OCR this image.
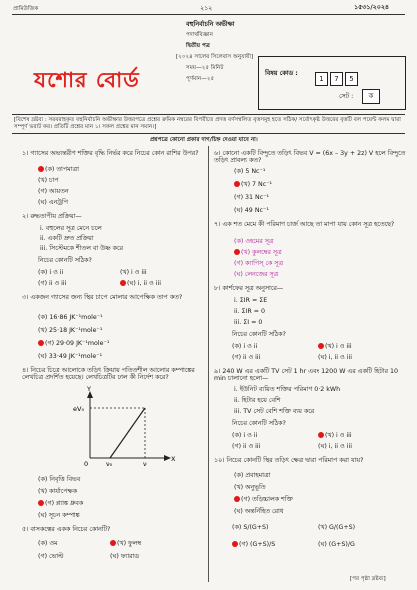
প্রামিউজিক	২১২	১৫৩১/২০২৪
বহুনির্বাচনি অভীক্ষা
পদার্থবিজ্ঞান
দ্বিতীয় পত্র
[২০২৪ সালের সিলেবাস অনুযায়ী]
সময়—২৫ মিনিট
পূর্ণমান—২৫
যশোর বোর্ড	বিষয় কোড :
1 7 5
সেট :	ক
[বিশেষ দ্রষ্টব্য : সরবরাহকৃত বহুনির্বাচনি অভীক্ষার উত্তরপত্রে প্রশ্নের ক্রমিক নম্বরের বিপরীতে প্রদত্ত বর্ণসম্বলিত বৃত্তসমূহ হতে সঠিক/ সর্বোৎকৃষ্ট উত্তরের বৃত্তটি বল পয়েন্ট কলম দ্বারা সম্পূর্ণ ভরাট কর। প্রতিটি প্রশ্নের মান ১। সকল প্রশ্নের মান সমান।]
প্রশ্নপত্রে কোনো প্রকার দাগ/চিহ্ন দেওয়া যাবে না।
১। গ্যাসের অভ্যন্তরীণ শক্তির বৃদ্ধি নির্ভর করে নিচের কোন রাশির উপর?
(ক) তাপমাত্রা
(খ) চাপ
(গ) আয়তন
(ঘ) এনট্রপি
২। রুদ্ধতাপীয় প্রক্রিয়া—
i. বহুলের সূত্র মেনে চলে
ii. একটি দ্রুত প্রক্রিয়া
iii. সিস্টেমকে শীতল বা উষ্ণ করে
নিচের কোনটি সঠিক?
(ক) i ও ii	(খ) i ও iii
(গ) ii ও iii	(ঘ) i, ii ও iii
৩। একজন গ্যাসের জন্য স্থির চাপে মোলার আপেক্ষিক তাপ কত?
(ক) 16·86 JK⁻¹mole⁻¹
(খ) 25·18 JK⁻¹mole⁻¹
(গ) 29·09 JK⁻¹mole⁻¹
(ঘ) 33·49 JK⁻¹mole⁻¹
৪। নিচের চিত্রে আলোকে তড়িৎ ক্রিয়ায় পতিতশীল আলোর কম্পাঙ্কের লেখচিত্র প্রদর্শিত হয়েছে। লেখচিত্রটির ঢাল কী নির্দেশ করে?
Y
eV₀
0	ν₀	ν
X
(ক) নিবৃত্তি বিভব
(খ) কার্যাপেক্ষক
(গ) প্ল্যাঙ্ক ধ্রুবক
(ঘ) সূচন কম্পাঙ্ক
৫। বাসকত্বের একক নিচের কোনটি?
(ক) ওম	(খ) ফুলম্ব
(গ) ভোল্ট	(ঘ) ফ্যারাড
৬। কোনো একটি বিন্দুতে তড়িৎ বিভব V = (6x – 3y + 2z) V হলে বিন্দুতে তড়িৎ প্রাবল্য কত?
(ক) 5 Nc⁻¹
(খ) 7 Nc⁻¹
(গ) 31 Nc⁻¹
(ঘ) 49 Nc⁻¹
৭। এক শত মেমে কী পরিমাণ চার্জ আছে তা মাপা যায় কোন সূত্র হতেছে?
(ক) ওহমের সূত্র
(খ) কুলম্বের সূত্র
(গ) ক্যাপিস্ কে সূত্র
(ঘ) লেনজের সূত্র
৮। কার্শফের সূত্র অনুসারে—
i. ΣIR = ΣE
ii. ΣIR = 0
iii. ΣI = 0
নিচের কোনটি সঠিক?
(ক) i ও ii	(খ) i ও iii
(গ) ii ও iii	(ঘ) i, ii ও iii
৯। 240 W এর একটি TV সেট 1 hr এবং 1200 W এর একটি হিটার 10 min চালানো হলো—
i. ইউনিট ব্যয়িত শক্তির পরিমাণ 0·2 kWh
ii. হিটার হয়ে বেশি
iii. TV সেট বেশি শক্তি ব্যয় করে
নিচের কোনটি সঠিক?
(ক) i ও ii	(খ) i ও iii
(গ) ii ও iii	(ঘ) i, ii ও iii
১০। নিচের কোনটি স্থির তড়িৎ ক্ষেত্র দ্বারা পরিমাপ করা যায়?
(ক) প্রবাহমাত্রা
(খ) অনুভূতি
(গ) তড়িচ্চালক শক্তি
(ঘ) অন্তর্নিহিত রোধ
(ক) S/(G+S)	(খ) G/(G+S)
(গ) (G+S)/S	(ঘ) (G+S)/G
[পর পৃষ্ঠা দ্রষ্টব্য]
